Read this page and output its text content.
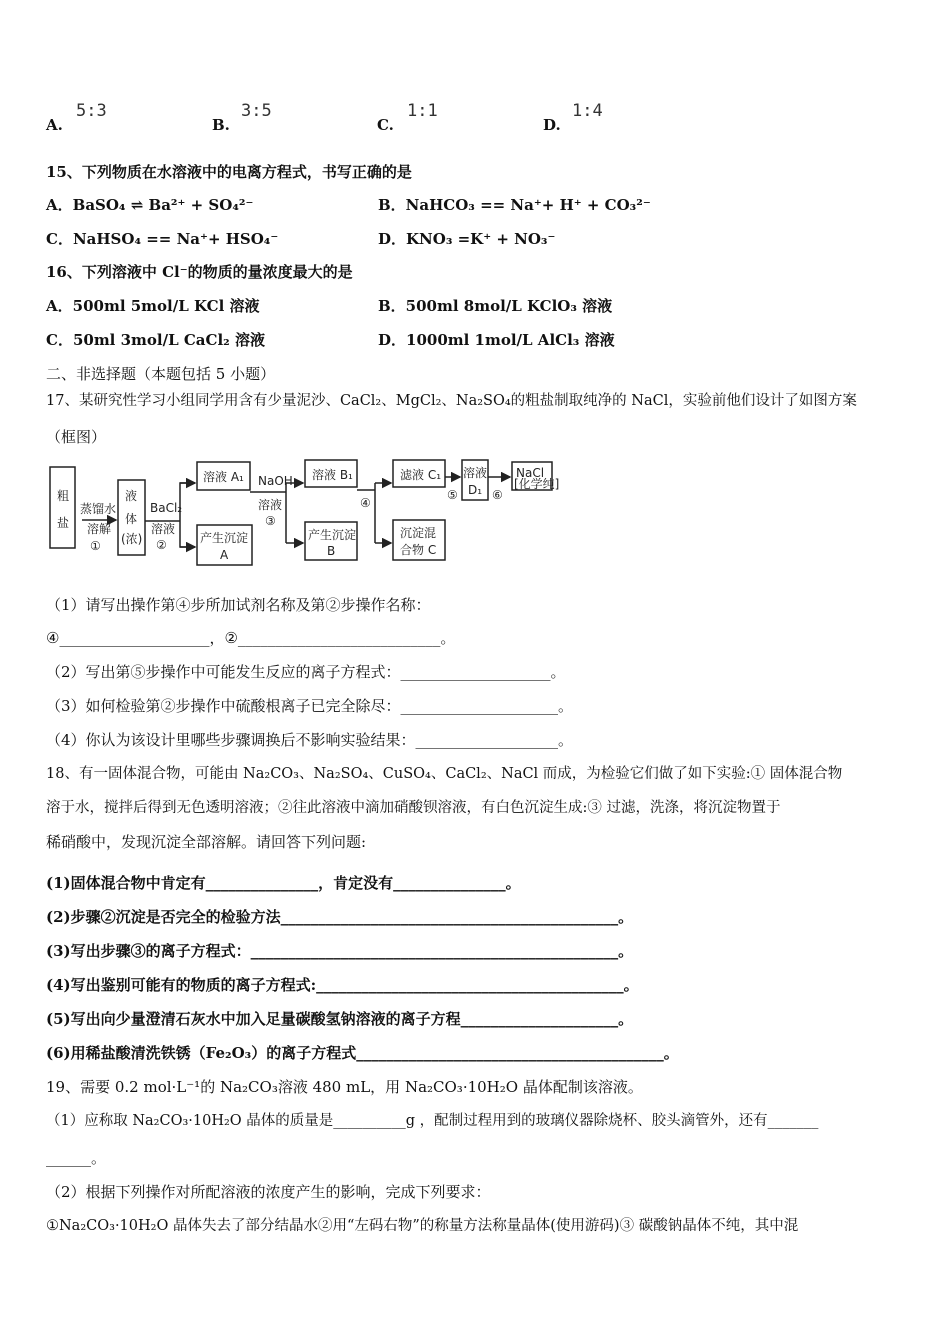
A.
5:3
B.
3:5
C.
1:1
D.
1:4
15、下列物质在水溶液中的电离方程式，书写正确的是
A．BaSO₄ ⇌ Ba²⁺ + SO₄²⁻	B．NaHCO₃ == Na⁺+ H⁺ + CO₃²⁻
C．NaHSO₄ == Na⁺+ HSO₄⁻	D．KNO₃ =K⁺ + NO₃⁻
16、下列溶液中 Cl⁻的物质的量浓度最大的是
A．500ml 5mol/L KCl 溶液	B．500ml 8mol/L KClO₃ 溶液
C．50ml 3mol/L CaCl₂ 溶液	D．1000ml 1mol/L AlCl₃ 溶液
二、非选择题（本题包括 5 小题）
17、某研究性学习小组同学用含有少量泥沙、CaCl₂、MgCl₂、Na₂SO₄的粗盐制取纯净的 NaCl，实验前他们设计了如图方案
（框图）
粗
盐
蒸馏水
溶解
①
液
体
(浓)
BaCl₂
溶液
②
溶液 A₁
产生沉淀
A
NaOH
溶液
③
溶液 B₁
产生沉淀
B
④
滤液 C₁
沉淀混
合物 C
⑤
溶液
D₁ ⑥
NaCl
[化学纯]
（1）请写出操作第④步所加试剂名称及第②步操作名称：
④____________________，②___________________________。
（2）写出第⑤步操作中可能发生反应的离子方程式：____________________。
（3）如何检验第②步操作中硫酸根离子已完全除尽：_____________________。
（4）你认为该设计里哪些步骤调换后不影响实验结果：___________________。
18、有一固体混合物，可能由 Na₂CO₃、Na₂SO₄、CuSO₄、CaCl₂、NaCl 而成，为检验它们做了如下实验:① 固体混合物
溶于水，搅拌后得到无色透明溶液；②往此溶液中滴加硝酸钡溶液，有白色沉淀生成:③ 过滤，洗涤，将沉淀物置于
稀硝酸中，发现沉淀全部溶解。请回答下列问题:
(1)固体混合物中肯定有_______________，肯定没有_______________。
(2)步骤②沉淀是否完全的检验方法_____________________________________________。
(3)写出步骤③的离子方程式：_________________________________________________。
(4)写出鉴别可能有的物质的离子方程式:_________________________________________。
(5)写出向少量澄清石灰水中加入足量碳酸氢钠溶液的离子方程_____________________。
(6)用稀盐酸清洗铁锈（Fe₂O₃）的离子方程式_________________________________________。
19、需要 0.2 mol·L⁻¹的 Na₂CO₃溶液 480 mL，用 Na₂CO₃·10H₂O 晶体配制该溶液。
（1）应称取 Na₂CO₃·10H₂O 晶体的质量是__________g ，配制过程用到的玻璃仪器除烧杯、胶头滴管外，还有_______
______。
（2）根据下列操作对所配溶液的浓度产生的影响，完成下列要求：
①Na₂CO₃·10H₂O 晶体失去了部分结晶水②用“左码右物”的称量方法称量晶体(使用游码)③ 碳酸钠晶体不纯，其中混
